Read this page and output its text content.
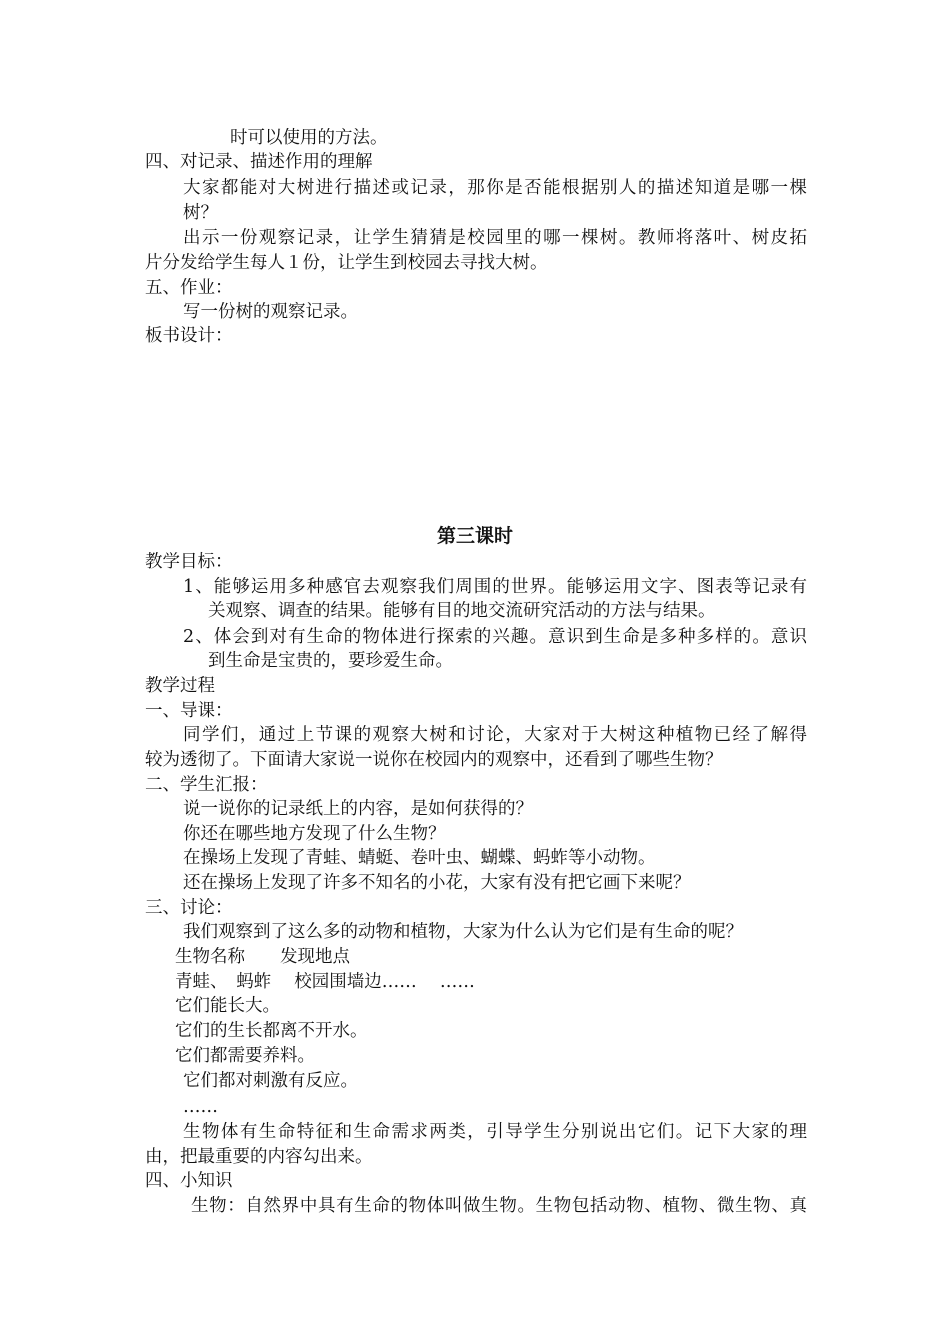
时可以使用的方法。
四、对记录、描述作用的理解
大家都能对大树进行描述或记录，那你是否能根据别人的描述知道是哪一棵
树？
出示一份观察记录，让学生猜猜是校园里的哪一棵树。教师将落叶、树皮拓
片分发给学生每人１份，让学生到校园去寻找大树。
五、作业：
写一份树的观察记录。
板书设计：
第三课时
教学目标：
1、能够运用多种感官去观察我们周围的世界。能够运用文字、图表等记录有
关观察、调查的结果。能够有目的地交流研究活动的方法与结果。
2、体会到对有生命的物体进行探索的兴趣。意识到生命是多种多样的。意识
到生命是宝贵的，要珍爱生命。
教学过程
一、导课：
同学们，通过上节课的观察大树和讨论，大家对于大树这种植物已经了解得
较为透彻了。下面请大家说一说你在校园内的观察中，还看到了哪些生物？
二、学生汇报：
说一说你的记录纸上的内容，是如何获得的？
你还在哪些地方发现了什么生物？
在操场上发现了青蛙、蜻蜓、卷叶虫、蝴蝶、蚂蚱等小动物。
还在操场上发现了许多不知名的小花，大家有没有把它画下来呢？
三、讨论：
我们观察到了这么多的动物和植物，大家为什么认为它们是有生命的呢？
生物名称　　发现地点
青蛙、　蚂蚱　 校园围墙边……　 ……
它们能长大。
它们的生长都离不开水。
它们都需要养料。
它们都对刺激有反应。
……
生物体有生命特征和生命需求两类，引导学生分别说出它们。记下大家的理
由，把最重要的内容勾出来。
四、小知识
生物：自然界中具有生命的物体叫做生物。生物包括动物、植物、微生物、真
